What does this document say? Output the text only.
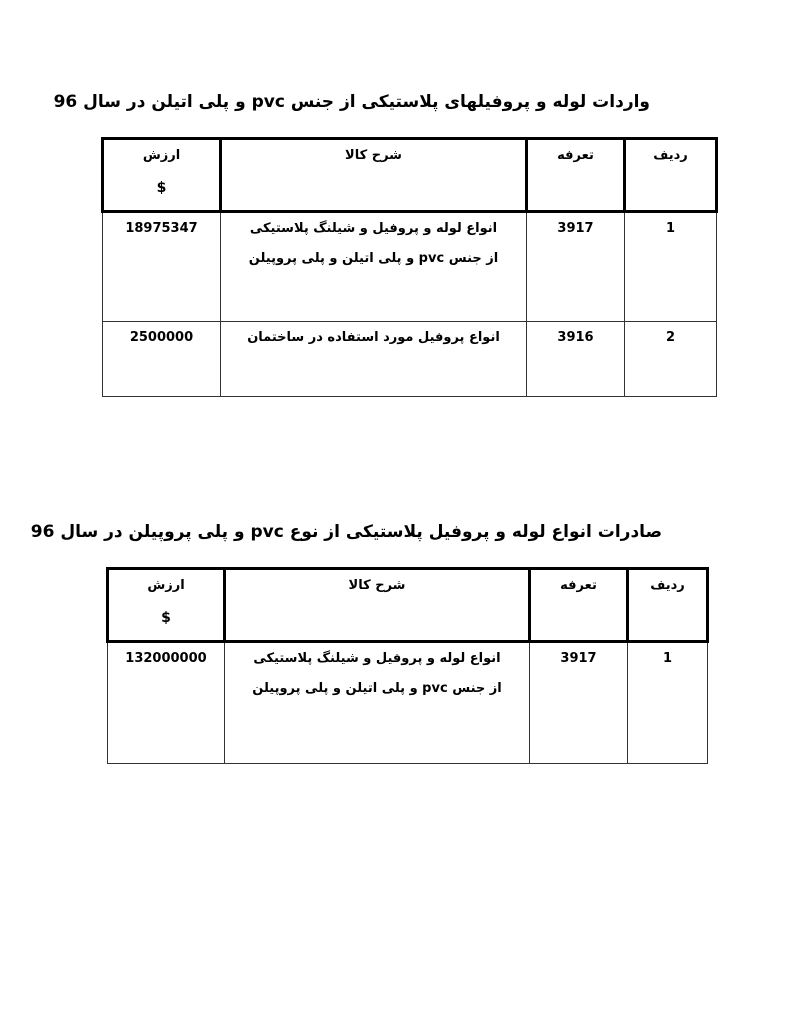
واردات لوله و پروفیلهای پلاستیکی از جنس pvc و پلی اتیلن در سال 96

ردیف	تعرفه	شرح کالا	ارزش
$

1	3917	انواع لوله و پروفیل و شیلنگ پلاستیکی
از جنس pvc و پلی اتیلن و پلی پروپیلن	18975347

2	3916	انواع پروفیل مورد استفاده در ساختمان	2500000

صادرات انواع لوله و پروفیل پلاستیکی از نوع pvc و پلی پروپیلن در سال 96

ردیف	تعرفه	شرح کالا	ارزش
$

1	3917	انواع لوله و پروفیل و شیلنگ پلاستیکی
از جنس pvc و پلی اتیلن و پلی پروپیلن	132000000
